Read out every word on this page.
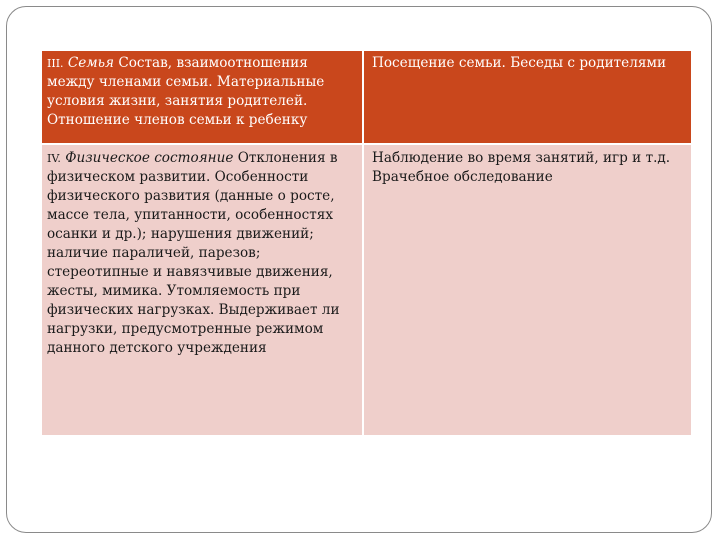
III. Семья Состав, взаимоотношения между членами семьи. Материальные условия жизни, занятия родителей. Отношение членов семьи к ребенку
Посещение семьи. Беседы с родителями
IV. Физическое состояние Отклонения в физическом развитии. Особенности физического развития (данные о росте, массе тела, упитанности, особенностях осанки и др.); нарушения движений; наличие параличей, парезов; стереотипные и навязчивые движения, жесты, мимика. Утомляемость при физических нагрузках. Выдерживает ли нагрузки, предусмотренные режимом данного детского учреждения
Наблюдение во время занятий, игр и т.д. Врачебное обследование
